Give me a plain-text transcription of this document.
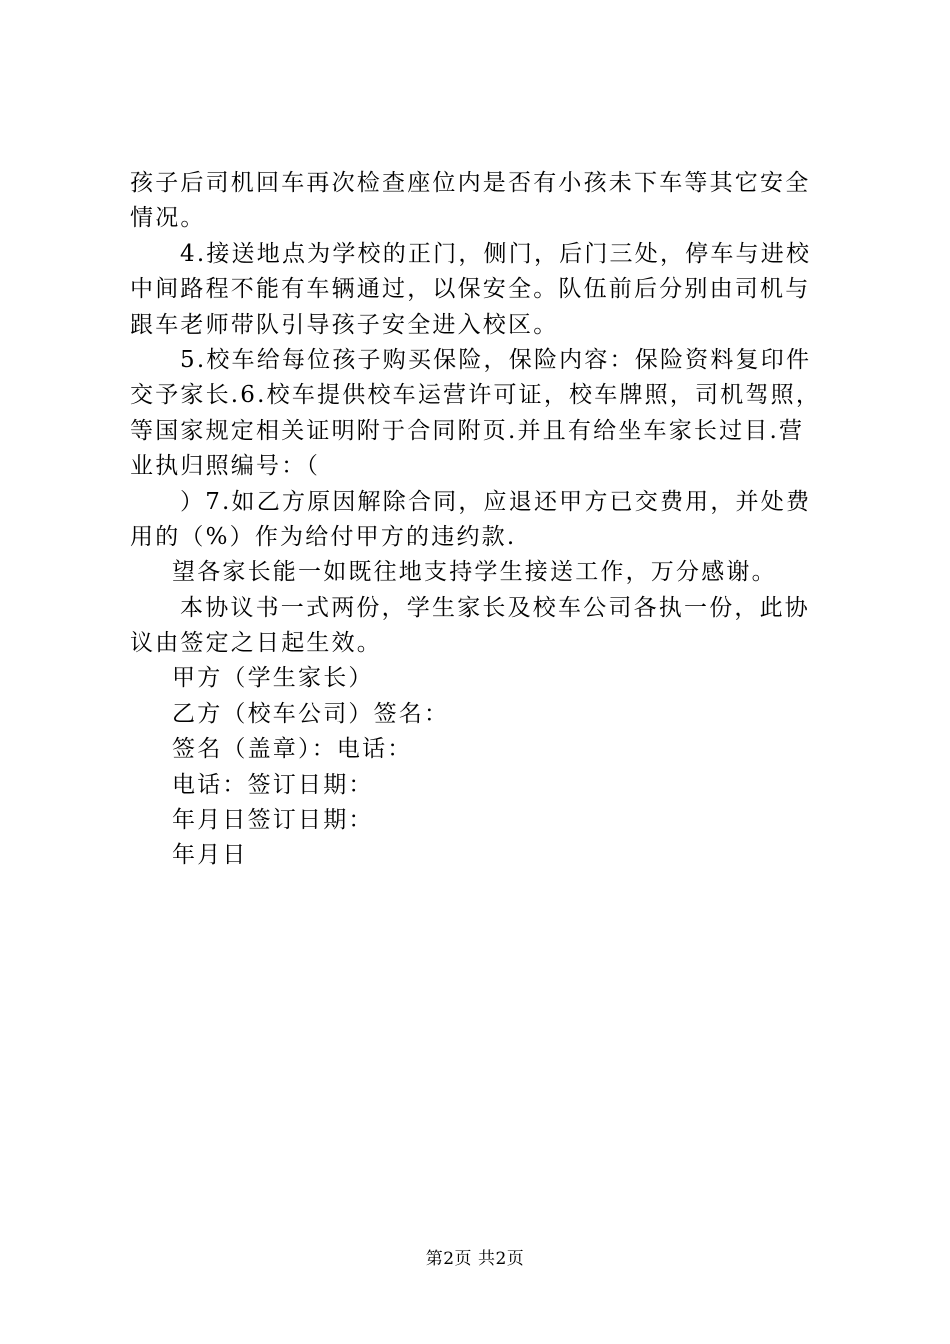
孩子后司机回车再次检查座位内是否有小孩未下车等其它安全
情况。
4.接送地点为学校的正门，侧门，后门三处，停车与进校
中间路程不能有车辆通过，以保安全。队伍前后分别由司机与
跟车老师带队引导孩子安全进入校区。
5.校车给每位孩子购买保险，保险内容：保险资料复印件
交予家长.6.校车提供校车运营许可证，校车牌照，司机驾照，
等国家规定相关证明附于合同附页.并且有给坐车家长过目.营
业执归照编号：（
）7.如乙方原因解除合同，应退还甲方已交费用，并处费
用的（%）作为给付甲方的违约款.
望各家长能一如既往地支持学生接送工作，万分感谢。
本协议书一式两份，学生家长及校车公司各执一份，此协
议由签定之日起生效。
甲方（学生家长）
乙方（校车公司）签名：
签名（盖章）：电话：
电话：签订日期：
年月日签订日期：
年月日
第2页 共2页
